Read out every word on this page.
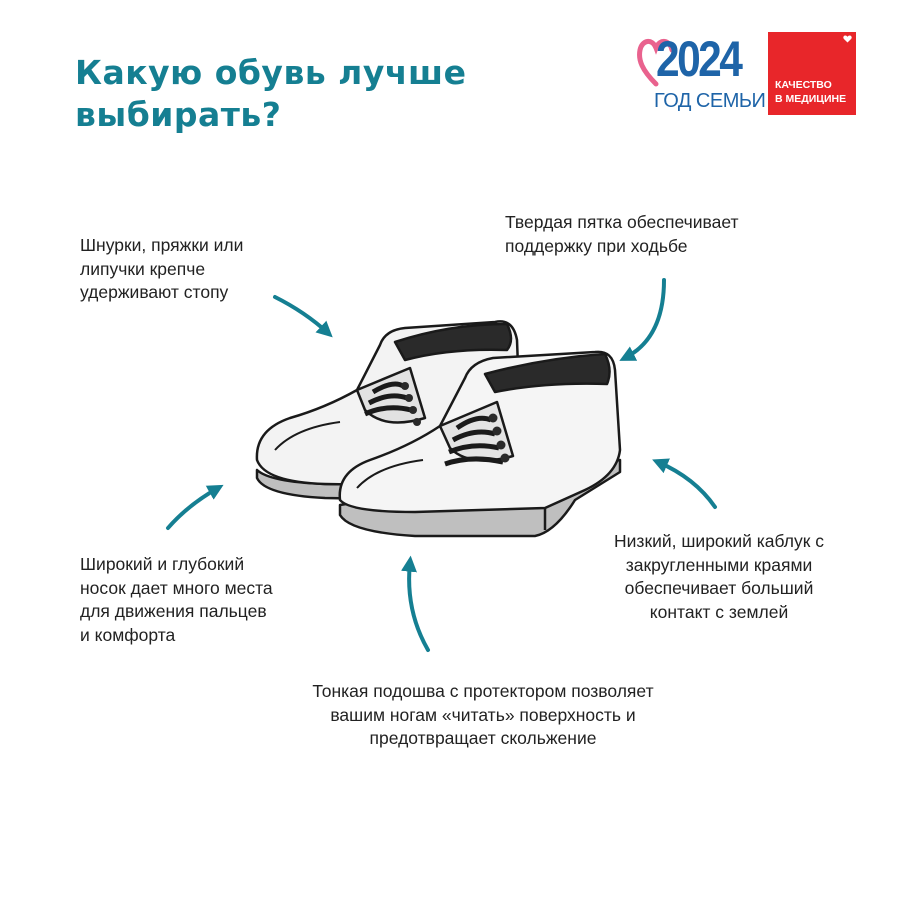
Какую обувь лучше
выбирать?
2024
ГОД СЕМЬИ
КАЧЕСТВО
В МЕДИЦИНЕ

Шнурки, пряжки или
липучки крепче
удерживают стопу

Твердая пятка обеспечивает
поддержку при ходьбе

Широкий и глубокий
носок дает много места
для движения пальцев
и комфорта

Низкий, широкий каблук с
закругленными краями
обеспечивает больший
контакт с землей

Тонкая подошва с протектором позволяет
вашим ногам «читать» поверхность и
предотвращает скольжение
